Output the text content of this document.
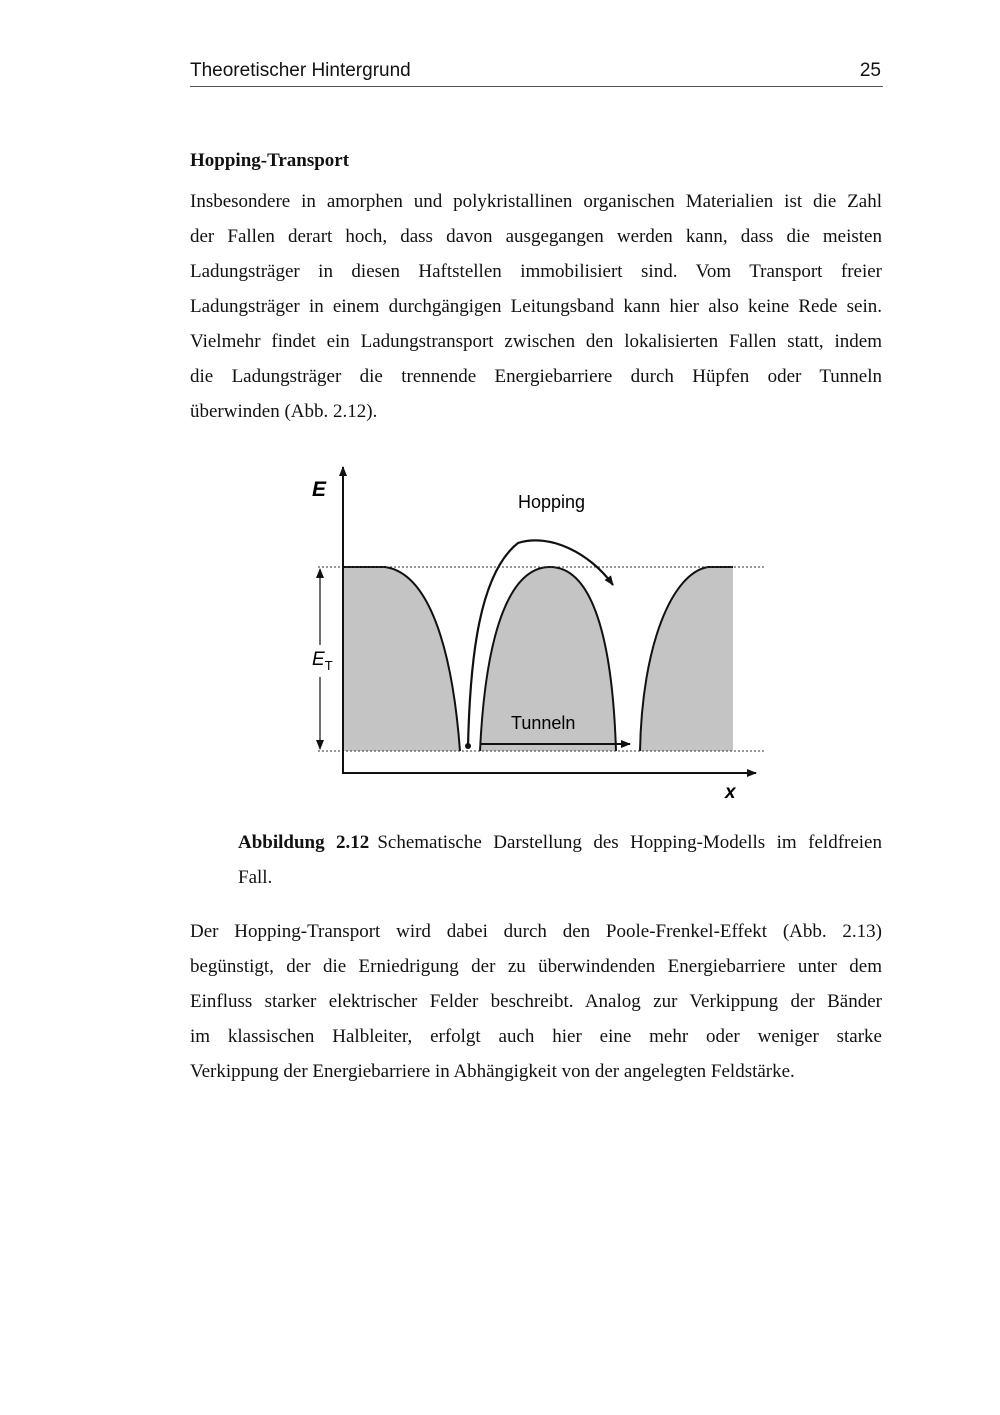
Theoretischer Hintergrund	25
Hopping-Transport
Insbesondere in amorphen und polykristallinen organischen Materialien ist die Zahl
der Fallen derart hoch, dass davon ausgegangen werden kann, dass die meisten
Ladungsträger in diesen Haftstellen immobilisiert sind. Vom Transport freier
Ladungsträger in einem durchgängigen Leitungsband kann hier also keine Rede sein.
Vielmehr findet ein Ladungstransport zwischen den lokalisierten Fallen statt, indem
die Ladungsträger die trennende Energiebarriere durch Hüpfen oder Tunneln
überwinden (Abb. 2.12).
E
x
Hopping
Tunneln
$E_T$
Abbildung 2.12 Schematische Darstellung des Hopping-Modells im feldfreien
Fall.
Der Hopping-Transport wird dabei durch den Poole-Frenkel-Effekt (Abb. 2.13)
begünstigt, der die Erniedrigung der zu überwindenden Energiebarriere unter dem
Einfluss starker elektrischer Felder beschreibt. Analog zur Verkippung der Bänder
im klassischen Halbleiter, erfolgt auch hier eine mehr oder weniger starke
Verkippung der Energiebarriere in Abhängigkeit von der angelegten Feldstärke.
